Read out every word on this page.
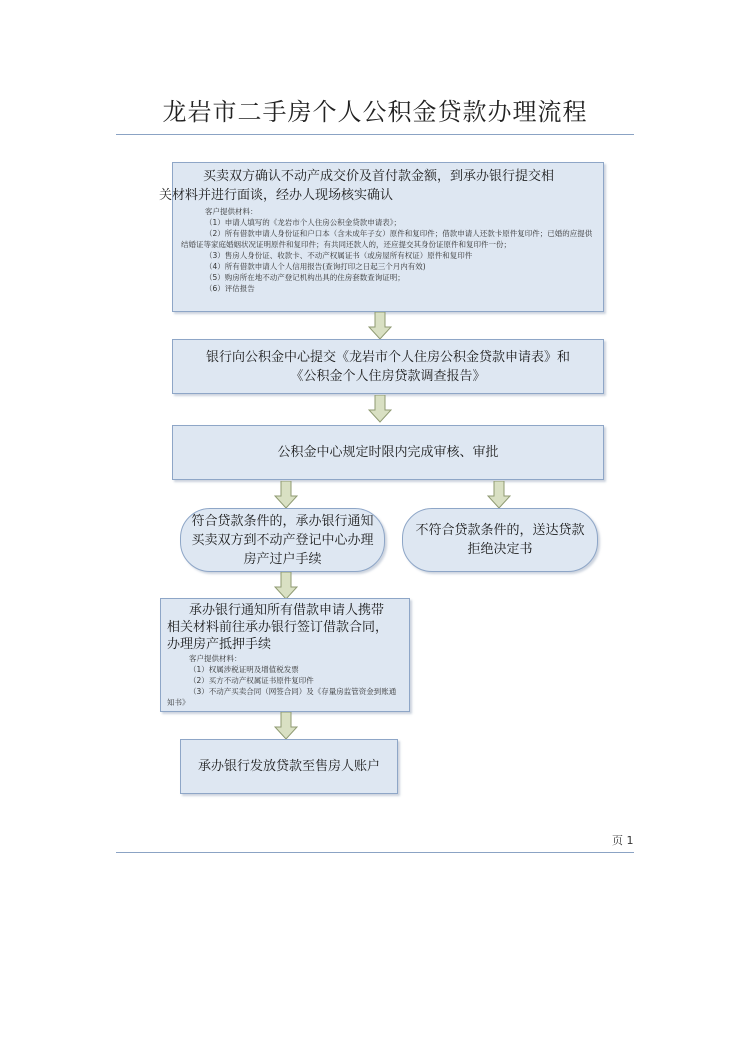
龙岩市二手房个人公积金贷款办理流程
买卖双方确认不动产成交价及首付款金额，到承办银行提交相
关材料并进行面谈，经办人现场核实确认
客户提供材料：
（1）申请人填写的《龙岩市个人住房公积金贷款申请表》；
（2）所有借款申请人身份证和户口本（含未成年子女）原件和复印件；借款申请人还款卡原件复印件；已婚的应提供结婚证等家庭婚姻状况证明原件和复印件；有共同还款人的，还应提交其身份证原件和复印件一份；
（3）售房人身份证、收款卡、不动产权属证书（或房屋所有权证）原件和复印件
（4）所有借款申请人个人信用报告(查询打印之日起三个月内有效)
（5）购房所在地不动产登记机构出具的住房套数查询证明；
（6）评估报告
银行向公积金中心提交《龙岩市个人住房公积金贷款申请表》和
《公积金个人住房贷款调查报告》
公积金中心规定时限内完成审核、审批
符合贷款条件的，承办银行通知
买卖双方到不动产登记中心办理
房产过户手续
不符合贷款条件的，送达贷款
拒绝决定书
承办银行通知所有借款申请人携带
相关材料前往承办银行签订借款合同，
办理房产抵押手续
客户提供材料：
（1）权属涉税证明及增值税发票
（2）买方不动产权属证书原件复印件
（3）不动产买卖合同（网签合同）及《存量房监管资金到账通知书》
承办银行发放贷款至售房人账户
页 1
